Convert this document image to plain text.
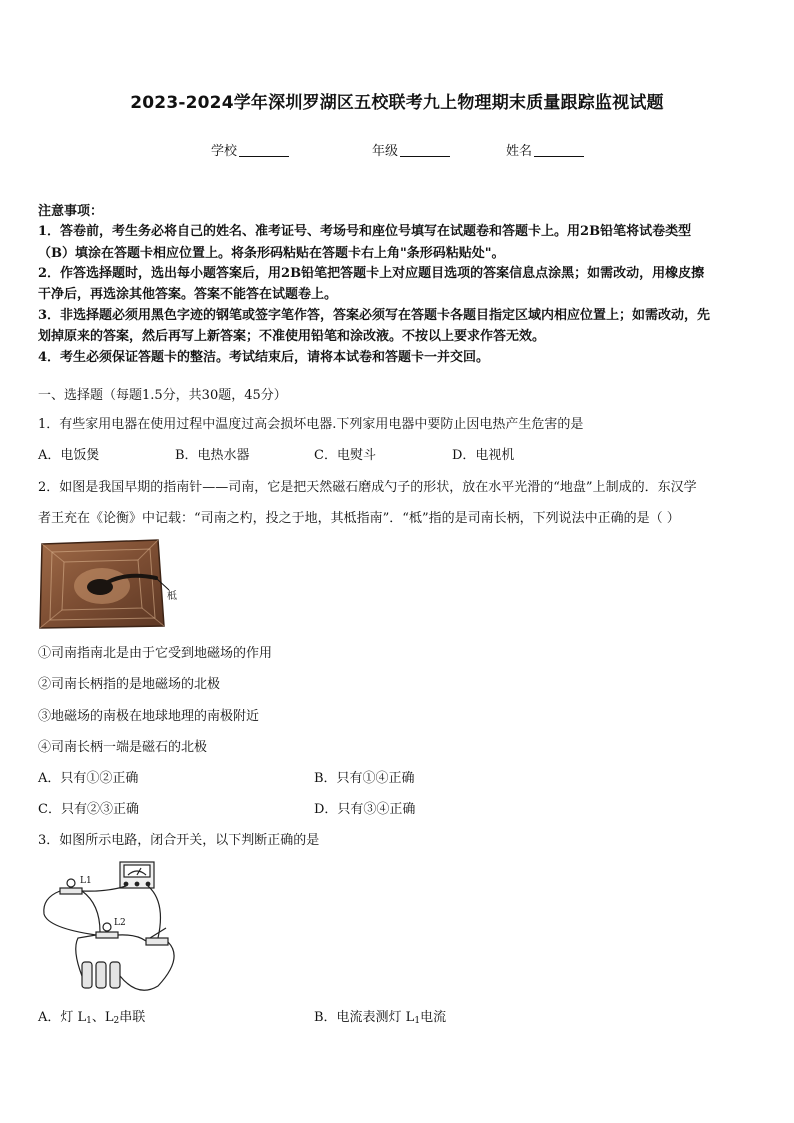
2023-2024学年深圳罗湖区五校联考九上物理期末质量跟踪监视试题
学校	年级	姓名
注意事项：
1．答卷前，考生务必将自己的姓名、准考证号、考场号和座位号填写在试题卷和答题卡上。用2B铅笔将试卷类型
（B）填涂在答题卡相应位置上。将条形码粘贴在答题卡右上角"条形码粘贴处"。
2．作答选择题时，选出每小题答案后，用2B铅笔把答题卡上对应题目选项的答案信息点涂黑；如需改动，用橡皮擦
干净后，再选涂其他答案。答案不能答在试题卷上。
3．非选择题必须用黑色字迹的钢笔或签字笔作答，答案必须写在答题卡各题目指定区域内相应位置上；如需改动，先
划掉原来的答案，然后再写上新答案；不准使用铅笔和涂改液。不按以上要求作答无效。
4．考生必须保证答题卡的整洁。考试结束后，请将本试卷和答题卡一并交回。
一、选择题（每题1.5分，共30题，45分）
1．有些家用电器在使用过程中温度过高会损坏电器.下列家用电器中要防止因电热产生危害的是
A．电饭煲	B．电热水器	C．电熨斗	D．电视机
2．如图是我国早期的指南针——司南，它是把天然磁石磨成勺子的形状，放在水平光滑的“地盘”上制成的．东汉学
者王充在《论衡》中记载：“司南之杓，投之于地，其柢指南”．“柢”指的是司南长柄，下列说法中正确的是（ ）
柢
①司南指南北是由于它受到地磁场的作用
②司南长柄指的是地磁场的北极
③地磁场的南极在地球地理的南极附近
④司南长柄一端是磁石的北极
A．只有①②正确	B．只有①④正确
C．只有②③正确	D．只有③④正确
3．如图所示电路，闭合开关，以下判断正确的是
L1
L2
A．灯 $L_1$、$L_2$串联	B．电流表测灯 $L_1$电流
